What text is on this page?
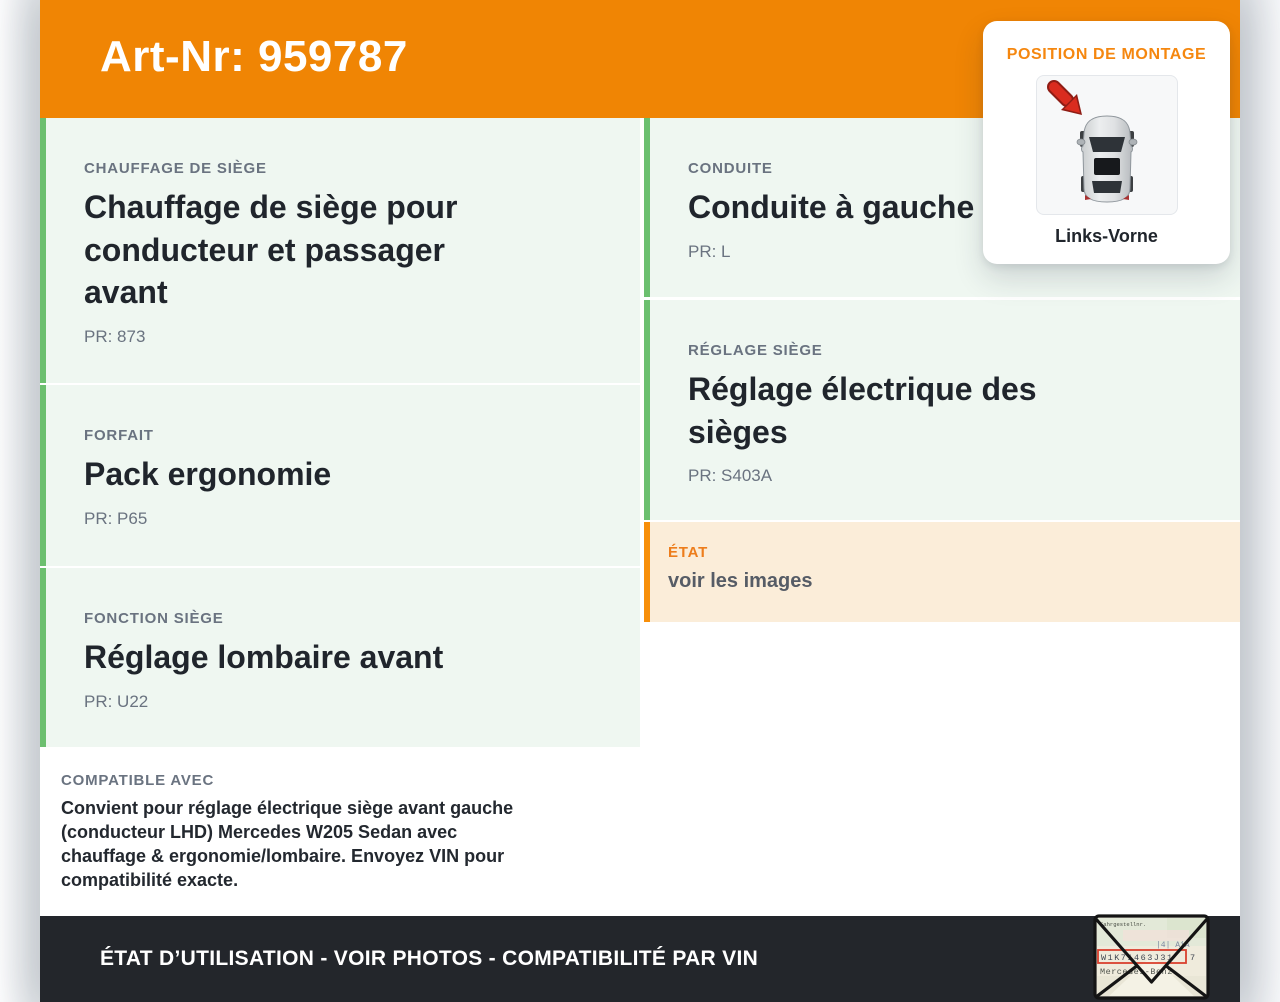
Art-Nr: 959787
CHAUFFAGE DE SIÈGE
Chauffage de siège pour conducteur et passager avant
PR: 873
FORFAIT
Pack ergonomie
PR: P65
FONCTION SIÈGE
Réglage lombaire avant
PR: U22
COMPATIBLE AVEC
Convient pour réglage électrique siège avant gauche (conducteur LHD) Mercedes W205 Sedan avec chauffage & ergonomie/lombaire. Envoyez VIN pour compatibilité exacte.
CONDUITE
Conduite à gauche
PR: L
RÉGLAGE SIÈGE
Réglage électrique des sièges
PR: S403A
ÉTAT
voir les images
POSITION DE MONTAGE
Links-Vorne
ÉTAT D’UTILISATION - VOIR PHOTOS - COMPATIBILITÉ PAR VIN
Fahrgestellnr.
|4| AiA
W1K71463J31 7
Mercedes-Benz
